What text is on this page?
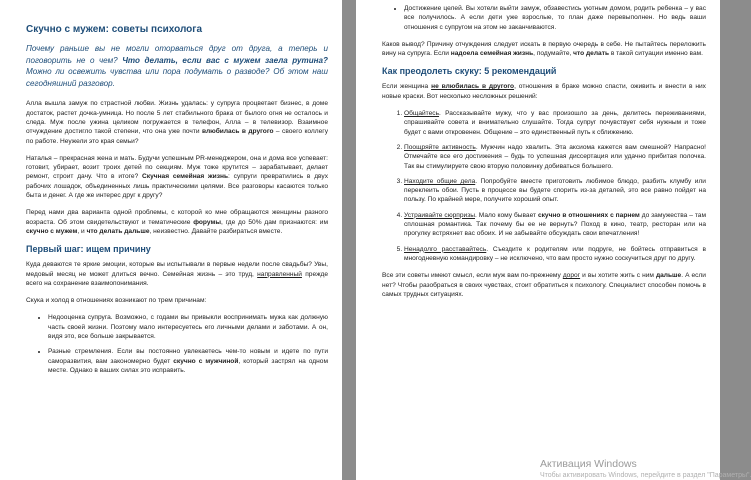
Скучно с мужем: советы психолога

Почему раньше вы не могли оторваться друг от друга, а теперь и поговорить не о чем? Что делать, если вас с мужем заела рутина? Можно ли освежить чувства или пора подумать о разводе? Об этом наш сегодняшний разговор.

Алла вышла замуж по страстной любви. Жизнь удалась: у супруга процветает бизнес, в доме достаток, растет дочка-умница. Но после 5 лет стабильного брака от былого огня не осталось и следа. Муж после ужина целиком погружается в телефон, Алла – в телевизор. Взаимное отчуждение достигло такой степени, что она уже почти влюбилась в другого – своего коллегу по работе. Неужели это края семьи?

Наталья – прекрасная жена и мать. Будучи успешным PR-менеджером, она и дома все успевает: готовит, убирает, возит троих детей по секциям. Муж тоже крутится – зарабатывает, делает ремонт, строит дачу. Что в итоге? Скучная семейная жизнь: супруги превратились в двух рабочих лошадок, объединенных лишь практическими целями. Все разговоры касаются только быта и денег. А где же интерес друг к другу?

Перед нами два варианта одной проблемы, с которой ко мне обращаются женщины разного возраста. Об этом свидетельствуют и тематические форумы, где до 50% дам признаются: им скучно с мужем, и что делать дальше, неизвестно. Давайте разбираться вместе.

Первый шаг: ищем причину

Куда деваются те яркие эмоции, которые вы испытывали в первые недели после свадьбы? Увы, медовый месяц не может длиться вечно. Семейная жизнь – это труд, направленный прежде всего на сохранение взаимопонимания.

Скука и холод в отношениях возникают по трем причинам:

• Недооценка супруга. Возможно, с годами вы привыкли воспринимать мужа как должную часть своей жизни. Поэтому мало интересуетесь его личными делами и заботами. А он, видя это, все больше закрывается.
• Разные стремления. Если вы постоянно увлекаетесь чем-то новым и идете по пути саморазвития, вам закономерно будет скучно с мужчиной, который застрял на одном месте. Однако в ваших силах это исправить.
• Достижение целей. Вы хотели выйти замуж, обзавестись уютным домом, родить ребенка – у вас все получилось. А если дети уже взрослые, то план даже перевыполнен. Но ведь ваши отношения с супругом на этом не заканчиваются.

Каков вывод? Причину отчуждения следует искать в первую очередь в себе. Не пытайтесь переложить вину на супруга. Если надоела семейная жизнь, подумайте, что делать в такой ситуации именно вам.

Как преодолеть скуку: 5 рекомендаций

Если женщина не влюбилась в другого, отношения в браке можно спасти, оживить и внести в них новые краски. Вот несколько несложных решений:

1. Общайтесь. Рассказывайте мужу, что у вас произошло за день, делитесь переживаниями, спрашивайте совета и внимательно слушайте. Тогда супруг почувствует себя нужным и тоже будет с вами откровенен. Общение – это единственный путь к сближению.
2. Поощряйте активность. Мужчин надо хвалить. Эта аксиома кажется вам смешной? Напрасно! Отмечайте все его достижения – будь то успешная диссертация или удачно прибитая полочка. Так вы стимулируете свою вторую половинку добиваться большего.
3. Находите общие дела. Попробуйте вместе приготовить любимое блюдо, разбить клумбу или переклеить обои. Пусть в процессе вы будете спорить из-за деталей, это все равно пойдет на пользу. По крайней мере, получите хороший опыт.
4. Устраивайте сюрпризы. Мало кому бывает скучно в отношениях с парнем до замужества – там сплошная романтика. Так почему бы ее не вернуть? Поход в кино, театр, ресторан или на прогулку встряхнет вас обоих. И не забывайте обсуждать свои впечатления!
5. Ненадолго расставайтесь. Съездите к родителям или подруге, не бойтесь отправиться в многодневную командировку – не исключено, что вам просто нужно соскучиться друг по другу.

Все эти советы имеют смысл, если муж вам по-прежнему дорог и вы хотите жить с ним дальше. А если нет? Чтобы разобраться в своих чувствах, стоит обратиться к психологу. Специалист способен помочь в самых трудных ситуациях.

Активация Windows
Чтобы активировать Windows, перейдите в раздел "Параметры".
